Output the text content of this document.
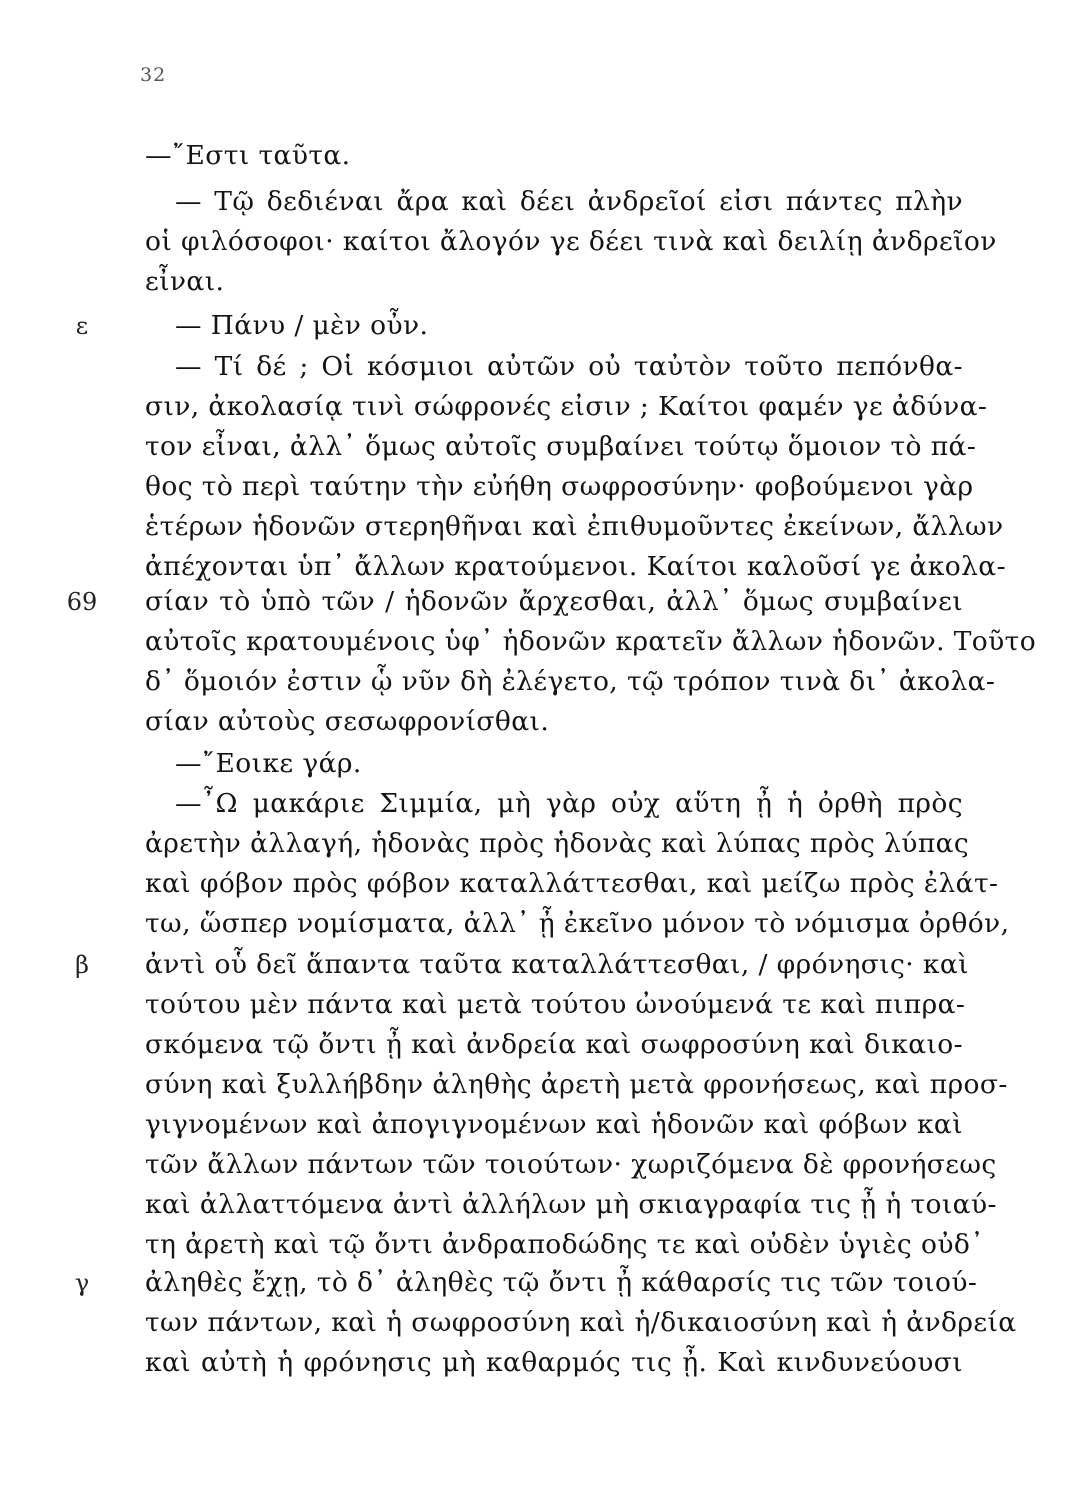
32
ε
69
β
γ
—῎Εστι ταῦτα.
— Τῷ δεδιέναι ἄρα καὶ δέει ἀνδρεῖοί εἰσι πάντες πλὴν
οἱ φιλόσοφοι· καίτοι ἄλογόν γε δέει τινὰ καὶ δειλίῃ ἀνδρεῖον
εἶναι.
— Πάνυ / μὲν οὖν.
— Τί δέ ; Οἱ κόσμιοι αὐτῶν οὐ ταὐτὸν τοῦτο πεπόνθα-
σιν, ἀκολασίᾳ τινὶ σώφρονές εἰσιν ; Καίτοι φαμέν γε ἀδύνα-
τον εἶναι, ἀλλ᾿ ὅμως αὐτοῖς συμβαίνει τούτῳ ὅμοιον τὸ πά-
θος τὸ περὶ ταύτην τὴν εὐήθη σωφροσύνην· φοβούμενοι γὰρ
ἑτέρων ἡδονῶν στερηθῆναι καὶ ἐπιθυμοῦντες ἐκείνων, ἄλλων
ἀπέχονται ὑπ᾿ ἄλλων κρατούμενοι. Καίτοι καλοῦσί γε ἀκολα-
σίαν τὸ ὑπὸ τῶν / ἡδονῶν ἄρχεσθαι, ἀλλ᾿ ὅμως συμβαίνει
αὐτοῖς κρατουμένοις ὑφ᾿ ἡδονῶν κρατεῖν ἄλλων ἡδονῶν. Τοῦτο
δ᾿ ὅμοιόν ἐστιν ᾧ νῦν δὴ ἐλέγετο, τῷ τρόπον τινὰ δι᾿ ἀκολα-
σίαν αὐτοὺς σεσωφρονίσθαι.
—῎Εοικε γάρ.
—῏Ω μακάριε Σιμμία, μὴ γὰρ οὐχ αὕτη ᾖ ἡ ὀρθὴ πρὸς
ἀρετὴν ἀλλαγή, ἡδονὰς πρὸς ἡδονὰς καὶ λύπας πρὸς λύπας
καὶ φόβον πρὸς φόβον καταλλάττεσθαι, καὶ μείζω πρὸς ἐλάτ-
τω, ὥσπερ νομίσματα, ἀλλ᾿ ᾖ ἐκεῖνο μόνον τὸ νόμισμα ὀρθόν,
ἀντὶ οὗ δεῖ ἅπαντα ταῦτα καταλλάττεσθαι, / φρόνησις· καὶ
τούτου μὲν πάντα καὶ μετὰ τούτου ὠνούμενά τε καὶ πιπρα-
σκόμενα τῷ ὄντι ᾖ καὶ ἀνδρεία καὶ σωφροσύνη καὶ δικαιο-
σύνη καὶ ξυλλήβδην ἀληθὴς ἀρετὴ μετὰ φρονήσεως, καὶ προσ-
γιγνομένων καὶ ἀπογιγνομένων καὶ ἡδονῶν καὶ φόβων καὶ
τῶν ἄλλων πάντων τῶν τοιούτων· χωριζόμενα δὲ φρονήσεως
καὶ ἀλλαττόμενα ἀντὶ ἀλλήλων μὴ σκιαγραφία τις ᾖ ἡ τοιαύ-
τη ἀρετὴ καὶ τῷ ὄντι ἀνδραποδώδης τε καὶ οὐδὲν ὑγιὲς οὐδ᾿
ἀληθὲς ἔχῃ, τὸ δ᾿ ἀληθὲς τῷ ὄντι ᾖ κάθαρσίς τις τῶν τοιού-
των πάντων, καὶ ἡ σωφροσύνη καὶ ἡ/δικαιοσύνη καὶ ἡ ἀνδρεία
καὶ αὐτὴ ἡ φρόνησις μὴ καθαρμός τις ᾖ. Καὶ κινδυνεύουσι
